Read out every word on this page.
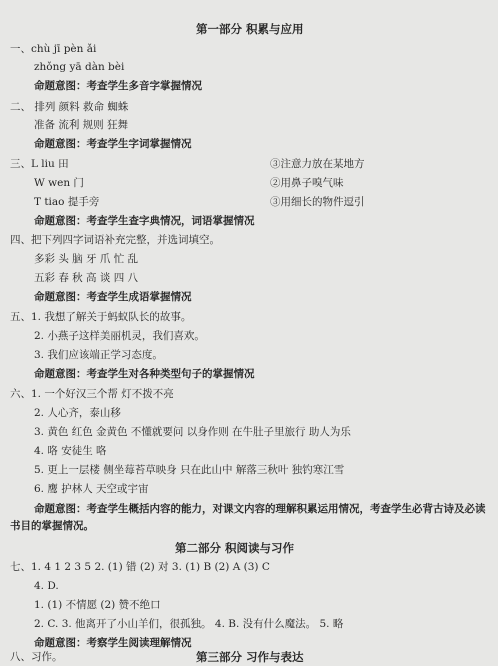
第一部分 积累与应用
一、chù jī pèn ǎi
zhǒng yā dàn bèi
命题意图：考查学生多音字掌握情况
二、 排列 颜料 救命 蜘蛛
准备 流利 规则 狂舞
命题意图：考查学生字词掌握情况
三、L liu 田	③注意力放在某地方
W wen 门	②用鼻子嗅气味
T tiao 提手旁	③用细长的物件逗引
命题意图：考查学生查字典情况，词语掌握情况
四、把下列四字词语补充完整，并选词填空。
多彩 头 脑 牙 爪 忙 乱
五彩 春 秋 高 谈 四 八
命题意图：考查学生成语掌握情况
五、1. 我想了解关于蚂蚁队长的故事。
2. 小燕子这样美丽机灵，我们喜欢。
3. 我们应该端正学习态度。
命题意图：考查学生对各种类型句子的掌握情况
六、1. 一个好汉三个帮 灯不拨不亮
2. 人心齐，泰山移
3. 黄色 红色 金黄色 不懂就要问 以身作则 在牛肚子里旅行 助人为乐
4. 咯 安徒生 咯
5. 更上一层楼 侧坐莓苔草映身 只在此山中 解落三秋叶 独钓寒江雪
6. 鹰 护林人 天空或宇宙
命题意图：考查学生概括内容的能力，对课文内容的理解积累运用情况，考查学生必背古诗及必读书目的掌握情况。
第二部分 积阅读与习作
七、1. 4 1 2 3 5 2. (1) 错 (2) 对 3. (1) B (2) A (3) C
4. D.
1. (1) 不情愿 (2) 赞不绝口
2. C. 3. 他离开了小山羊们，很孤独。 4. B. 没有什么魔法。 5. 略
命题意图：考察学生阅读理解情况
第三部分 习作与表达
八、习作。
